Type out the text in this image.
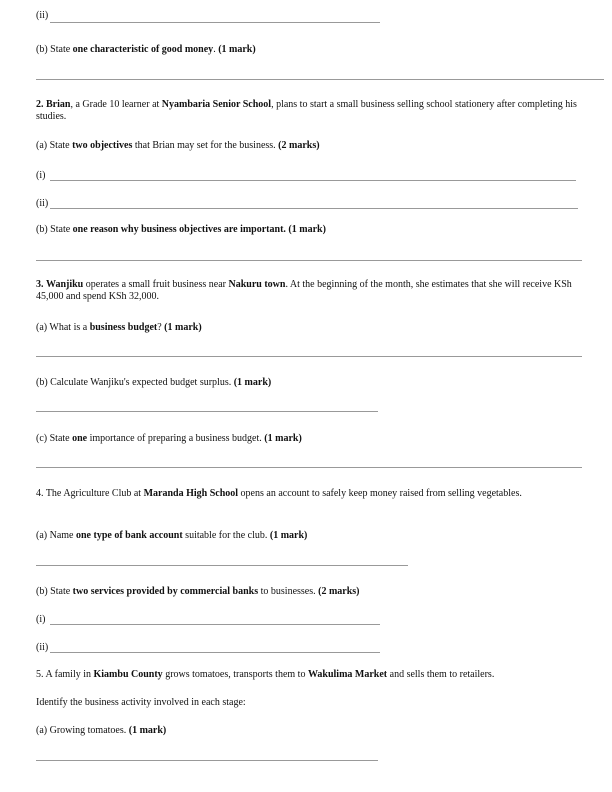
(ii)
(b) State one characteristic of good money. (1 mark)
2. Brian, a Grade 10 learner at Nyambaria Senior School, plans to start a small business selling school stationery after completing his studies.
(a) State two objectives that Brian may set for the business. (2 marks)
(i)
(ii)
(b) State one reason why business objectives are important. (1 mark)
3. Wanjiku operates a small fruit business near Nakuru town. At the beginning of the month, she estimates that she will receive KSh 45,000 and spend KSh 32,000.
(a) What is a business budget? (1 mark)
(b) Calculate Wanjiku's expected budget surplus. (1 mark)
(c) State one importance of preparing a business budget. (1 mark)
4. The Agriculture Club at Maranda High School opens an account to safely keep money raised from selling vegetables.
(a) Name one type of bank account suitable for the club. (1 mark)
(b) State two services provided by commercial banks to businesses. (2 marks)
(i)
(ii)
5. A family in Kiambu County grows tomatoes, transports them to Wakulima Market and sells them to retailers.
Identify the business activity involved in each stage:
(a) Growing tomatoes. (1 mark)
